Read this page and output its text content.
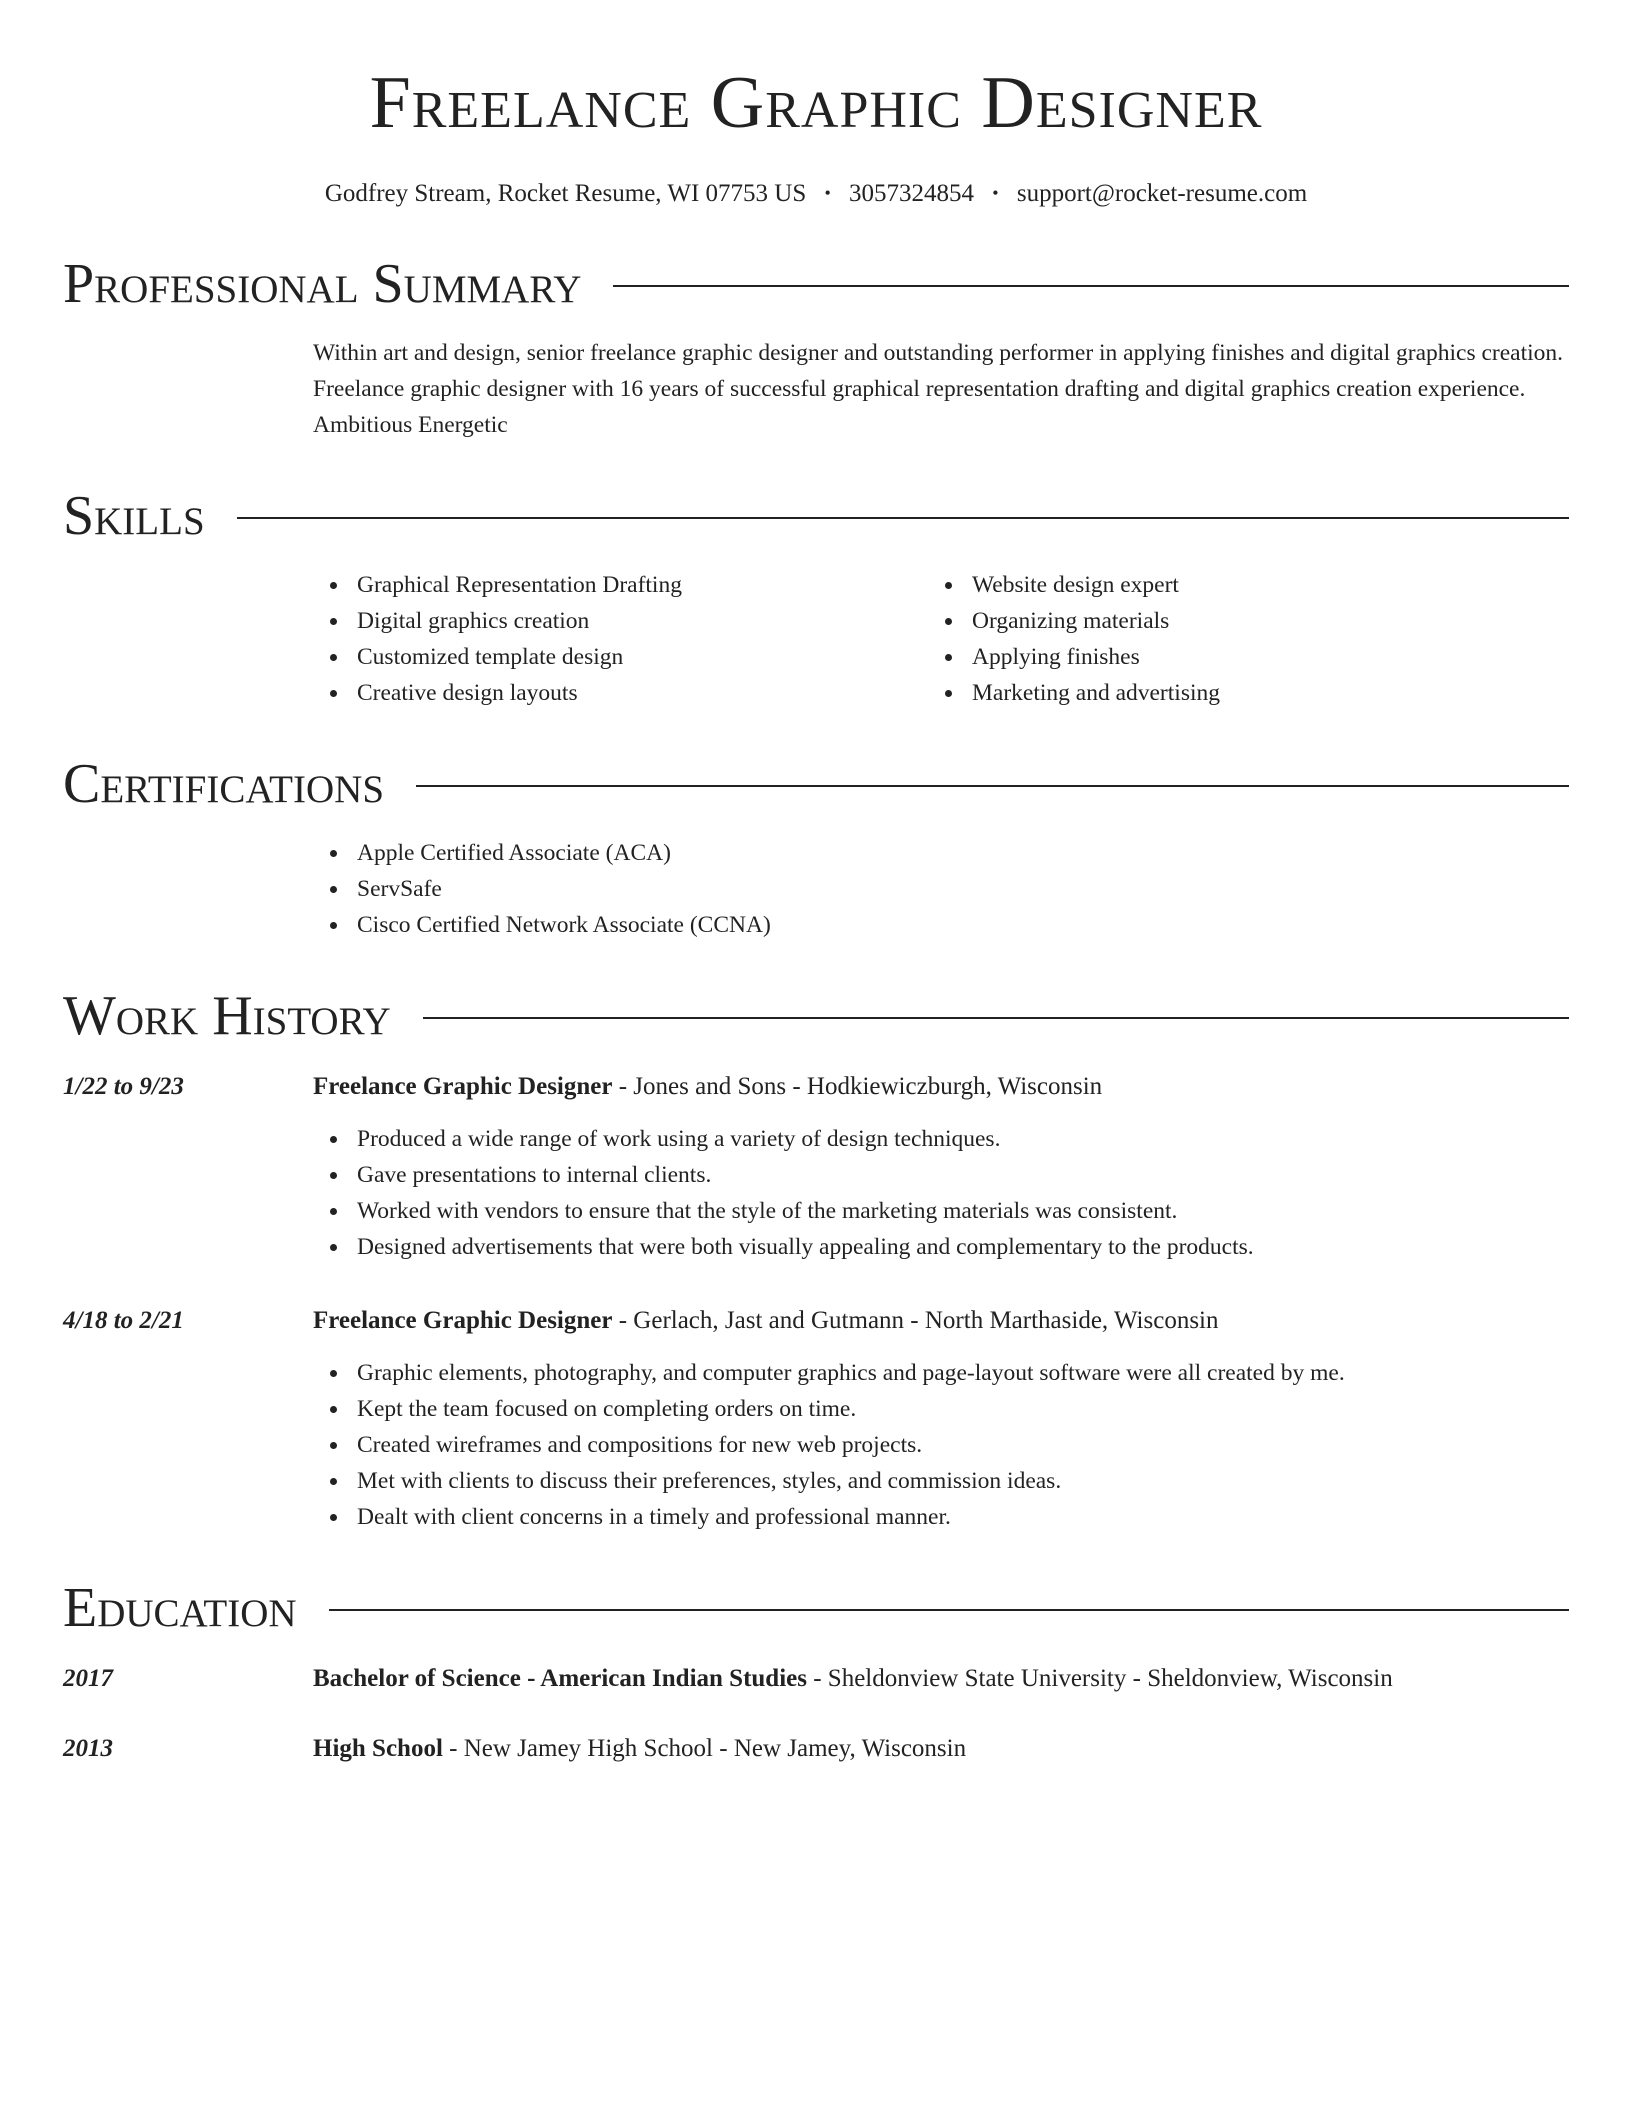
Freelance Graphic Designer
Godfrey Stream, Rocket Resume, WI 07753 US • 3057324854 • support@rocket-resume.com
Professional Summary

Within art and design, senior freelance graphic designer and outstanding performer in applying finishes and digital graphics creation. Freelance graphic designer with 16 years of successful graphical representation drafting and digital graphics creation experience. Ambitious Energetic

Skills
Graphical Representation Drafting
Digital graphics creation
Customized template design
Creative design layouts
Website design expert
Organizing materials
Applying finishes
Marketing and advertising
Certifications
Apple Certified Associate (ACA)
ServSafe
Cisco Certified Network Associate (CCNA)
Work History
1/22 to 9/23	Freelance Graphic Designer - Jones and Sons - Hodkiewiczburgh, Wisconsin
Produced a wide range of work using a variety of design techniques.
Gave presentations to internal clients.
Worked with vendors to ensure that the style of the marketing materials was consistent.
Designed advertisements that were both visually appealing and complementary to the products.
4/18 to 2/21	Freelance Graphic Designer - Gerlach, Jast and Gutmann - North Marthaside, Wisconsin
Graphic elements, photography, and computer graphics and page-layout software were all created by me.
Kept the team focused on completing orders on time.
Created wireframes and compositions for new web projects.
Met with clients to discuss their preferences, styles, and commission ideas.
Dealt with client concerns in a timely and professional manner.
Education
2017	Bachelor of Science - American Indian Studies - Sheldonview State University - Sheldonview, Wisconsin
2013	High School - New Jamey High School - New Jamey, Wisconsin
